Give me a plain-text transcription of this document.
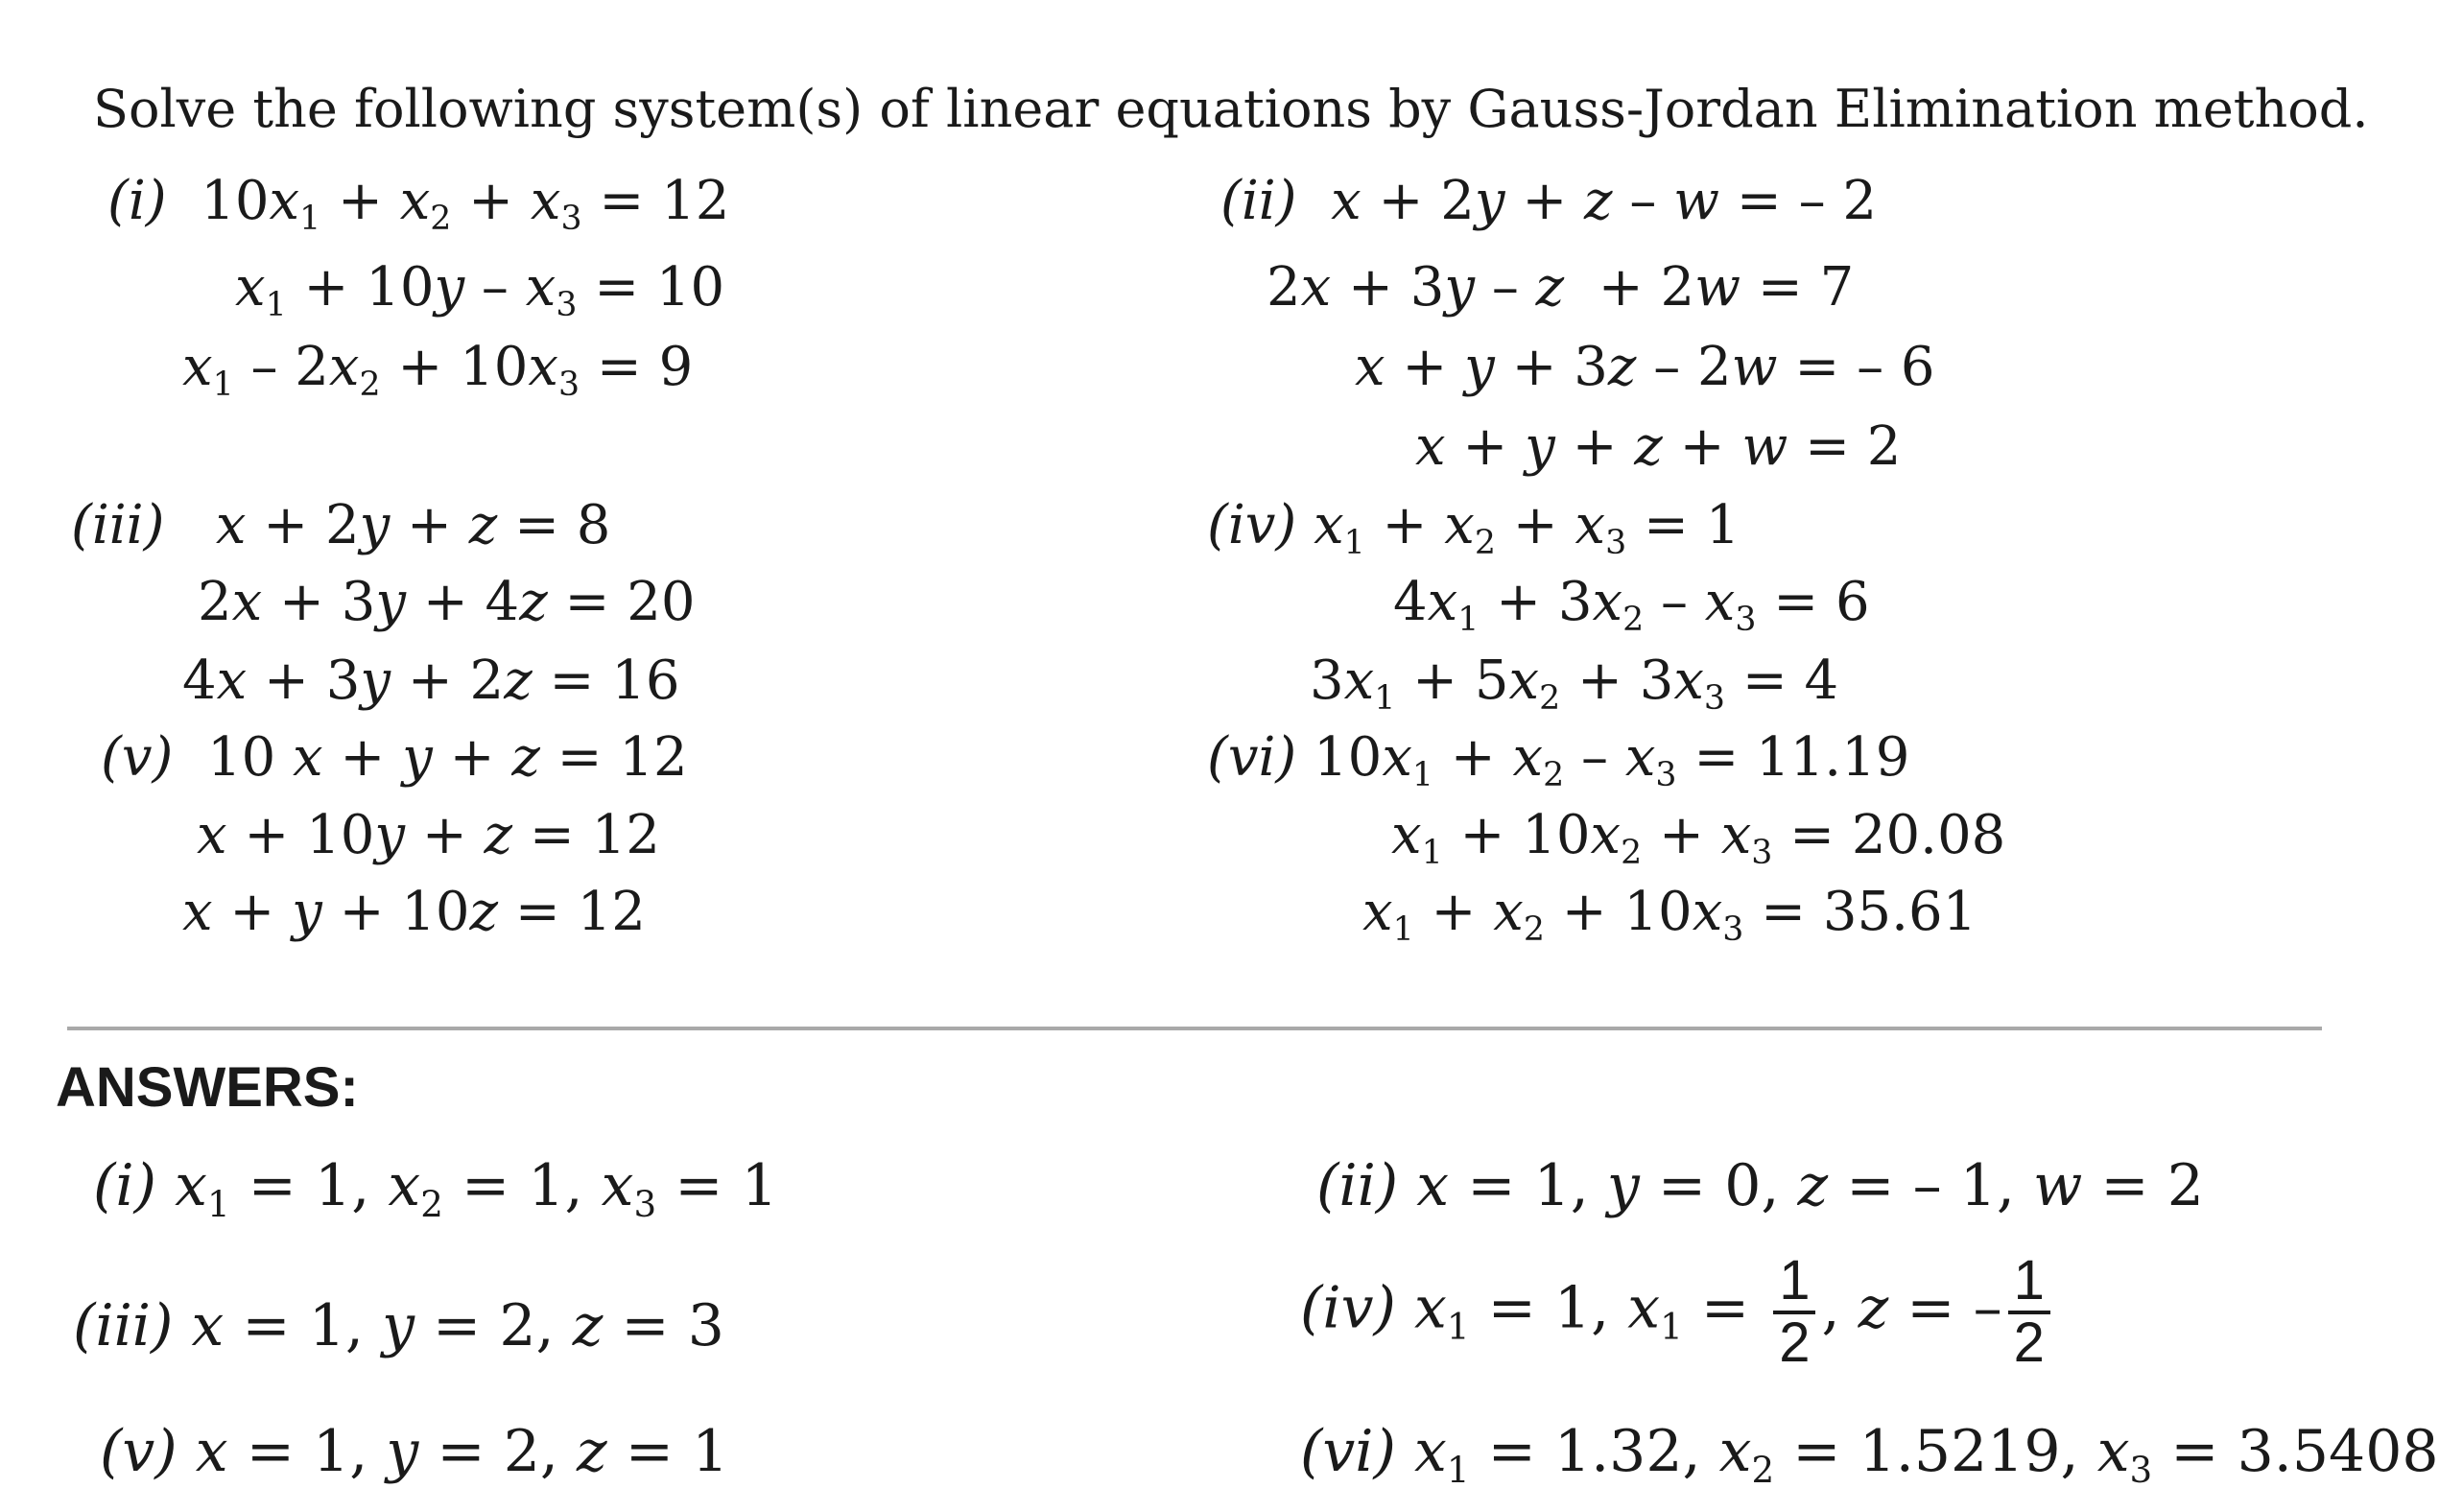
Solve the following system(s) of linear equations by Gauss-Jordan Elimination method.
(i)  $10x_1 + x_2 + x_3 = 12$
$x_1 + 10y - x_3 = 10$
$x_1 - 2x_2 + 10x_3 = 9$
(ii) x + 2y + z – w = – 2
2x + 3y – z  + 2w = 7
x + y + 3z – 2w = – 6
x + y + z + w = 2
(iii) x + 2y + z = 8
2x + 3y + 4z = 20
4x + 3y + 2z = 16
(iv) $x_1 + x_2 + x_3 = 1$
$4x_1 + 3x_2 - x_3 = 6$
$3x_1 + 5x_2 + 3x_3 = 4$
(v)  10 x + y + z = 12
x + 10y + z = 12
x + y + 10z = 12
(vi) $10x_1 + x_2 - x_3 = 11.19$
$x_1 + 10x_2 + x_3 = 20.08$
$x_1 + x_2 + 10x_3 = 35.61$
ANSWERS:
(i) $x_1 = 1$, $x_2 = 1$, $x_3 = 1$	(ii) x = 1, y = 0, z = – 1, w = 2
(iii) x = 1, y = 2, z = 3	(iv) $x_1 = 1$, $x_1 = \frac{1}{2}$ , z = – $\frac{1}{2}$
(v) x = 1, y = 2, z = 1	(vi) $x_1 = 1.32$, $x_2 = 1.5219$, $x_3 = 3.5408$
